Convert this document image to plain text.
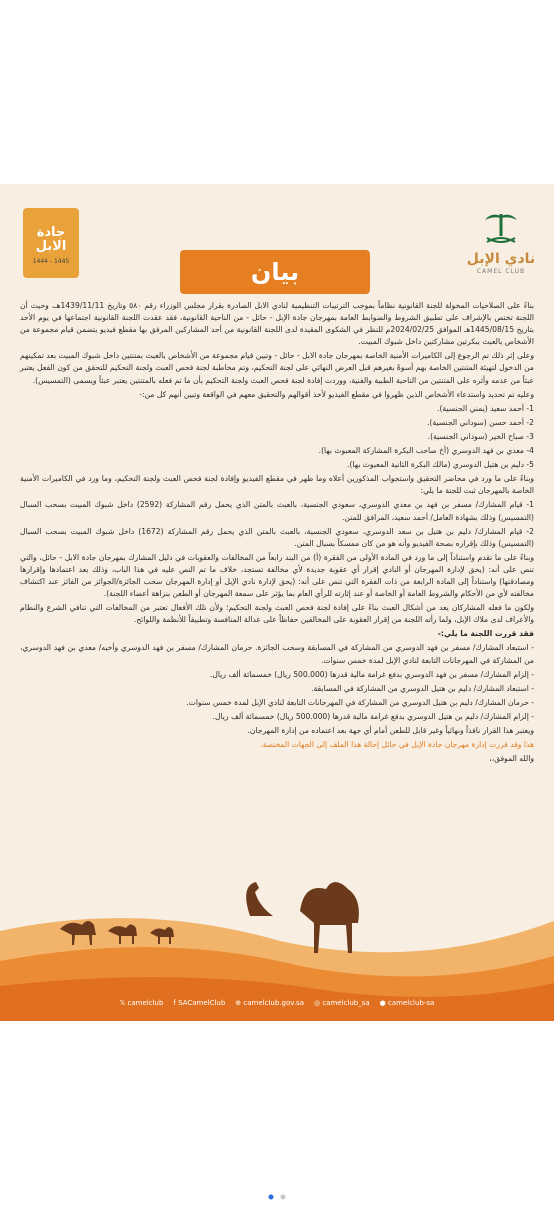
نادي الإبل
CAMEL CLUB
جادة الابل
1444 - 1445	بيان

بناءً على الصلاحيات المخولة للجنة القانونية نظاماً بموجب الترتيبات التنظيمية لنادي الابل الصادرة بقرار مجلس الوزراء رقم ٥٨٠ وتاريخ 1439/11/11هـ، وحيث أن اللجنة تختص بالإشراف على تطبيق الشروط والضوابط العامة بمهرجان جادة الإبل - حائل - من الناحية القانونية، فقد عقدت اللجنة القانونية اجتماعها في يوم الأحد بتاريخ 1445/08/15هـ الموافق 2024/02/25م للنظر في الشكوى المقيدة لدى اللجنة القانونية من أحد المشاركين المرفق بها مقطع فيديو يتضمن قيام مجموعة من الأشخاص بالعبث ببكرتين مشاركتين داخل شبوك المبيت.

وعلى إثر ذلك تم الرجوع إلى الكاميرات الأمنية الخاصة بمهرجان جادة الابل - حائل - وتبين قيام مجموعة من الأشخاص بالعبث بمتنتين داخل شبوك المبيت بعد تمكينهم من الدخول لتهيئة المتنتين الخاصة بهم أسوةً بغيرهم قبل العرض النهائي على لجنة التحكيم، وتم مخاطبة لجنة فحص العبث ولجنة التحكيم للتحقق من كون الفعل يعتبر عبثاً من عدمه وأثره على المتنتين من الناحية الطبية والفنية، ووردت إفادة لجنة فحص العبث ولجنة التحكيم بأن ما تم فعله بالمتنتين يعتبر عبثاً ويسمى (التمسيس).

وعليه تم تحديد واستدعاء الأشخاص الذين ظهروا في مقطع الفيديو لأخذ أقوالهم والتحقيق معهم في الواقعة وتبين أنهم كل من:-

1- أحمد سعيد (يمني الجنسية).

2- أحمد حسن (سوداني الجنسية).

3- صباح الخير (سوداني الجنسية).

4- معدي بن فهد الدوسري (أخ صاحب البكرة المشاركة المعبوث بها).

5- دليم بن هتيل الدوسري (مالك البكرة الثانية المعبوث بها).

وبناءً على ما ورد في محاضر التحقيق واستجواب المذكورين أعلاه وما ظهر في مقطع الفيديو وإفادة لجنة فحص العبث ولجنة التحكيم، وما ورد في الكاميرات الأمنية الخاصة بالمهرجان ثبت للجنة ما يلي:

1- قيام المشارك/ مسفر بن فهد بن معدي الدوسري، سعودي الجنسية، بالعبث بالمتن الذي يحمل رقم المشاركة (2592) داخل شبوك المبيت بسحب السبال (التمسيس) وذلك بشهادة العامل/ أحمد سعيد، المرافق للمتن.

2- قيام المشارك/ دليم بن هتيل بن سعد الدوسري، سعودي الجنسية، بالعبث بالمتن الذي يحمل رقم المشاركة (1672) داخل شبوك المبيت بسحب السبال (التمسيس) وذلك بإقراره بصحة الفيديو وأنه هو من كان ممسكاً بسبال المتن.

وبناءً على ما تقدم واستناداً إلى ما ورد في المادة الأولى من الفقرة (أ) من البند رابعاً من المخالفات والعقوبات في دليل المشارك بمهرجان جادة الابل - حائل، والتي تنص على أنه: (يحق لإدارة المهرجان أو النادي إقرار أي عقوبة جديدة لأي مخالفة تستجد، خلاف ما تم النص عليه في هذا الباب، وذلك بعد اعتمادها وإقرارها ومصادقتها) واستناداً إلى المادة الرابعة من ذات الفقرة التي تنص على أنه: (يحق لإدارة نادي الإبل أو إدارة المهرجان سحب الجائزة/الجوائز من الفائز عند اكتشاف مخالفته لأي من الأحكام والشروط العامة أو الخاصة أو عند إثارته للرأي العام بما يؤثر على سمعة المهرجان أو الطعن بنزاهة أعضاء اللجنة).

ولكون ما فعله المشاركان يعد من أشكال العبث بناءً على إفادة لجنة فحص العبث ولجنة التحكيم؛ ولأن تلك الأفعال تعتبر من المخالفات التي تنافي الشرع والنظام والأعراف لدى ملاك الإبل، ولما رأته اللجنة من إقرار العقوبة على المخالفين حفاظاً على عدالة المنافسة وتطبيقاً للأنظمة واللوائح.

فقد قررت اللجنة ما يلي:-

- استبعاد المشارك/ مسفر بن فهد الدوسري من المشاركة في المسابقة وسحب الجائزة. حرمان المشارك/ مسفر بن فهد الدوسري وأخيه/ معدي بن فهد الدوسري، من المشاركة في المهرجانات التابعة لنادي الإبل لمدة خمس سنوات.

- إلزام المشارك/ مسفر بن فهد الدوسري بدفع غرامة مالية قدرها (500.000 ريال) خمسمائة ألف ريال.

- استبعاد المشارك/ دليم بن هتيل الدوسري من المشاركة في المسابقة.

- حرمان المشارك/ دليم بن هتيل الدوسري من المشاركة في المهرجانات التابعة لنادي الإبل لمدة خمس سنوات.

- إلزام المشارك/ دليم بن هتيل الدوسري بدفع غرامة مالية قدرها (500.000 ريال) خمسمائة ألف ريال.

ويعتبر هذا القرار نافذاً ونهائياً وغير قابل للطعن أمام أي جهة بعد اعتماده من إدارة المهرجان.

هذا وقد قررت إدارة مهرجان جادة الإبل في حائل إحالة هذا الملف إلى الجهات المختصة.

والله الموفق،،

𝕏 camelclub f SACamelClub ⊕ camelclub.gov.sa ◎ camelclub_sa ● camelclub-sa
